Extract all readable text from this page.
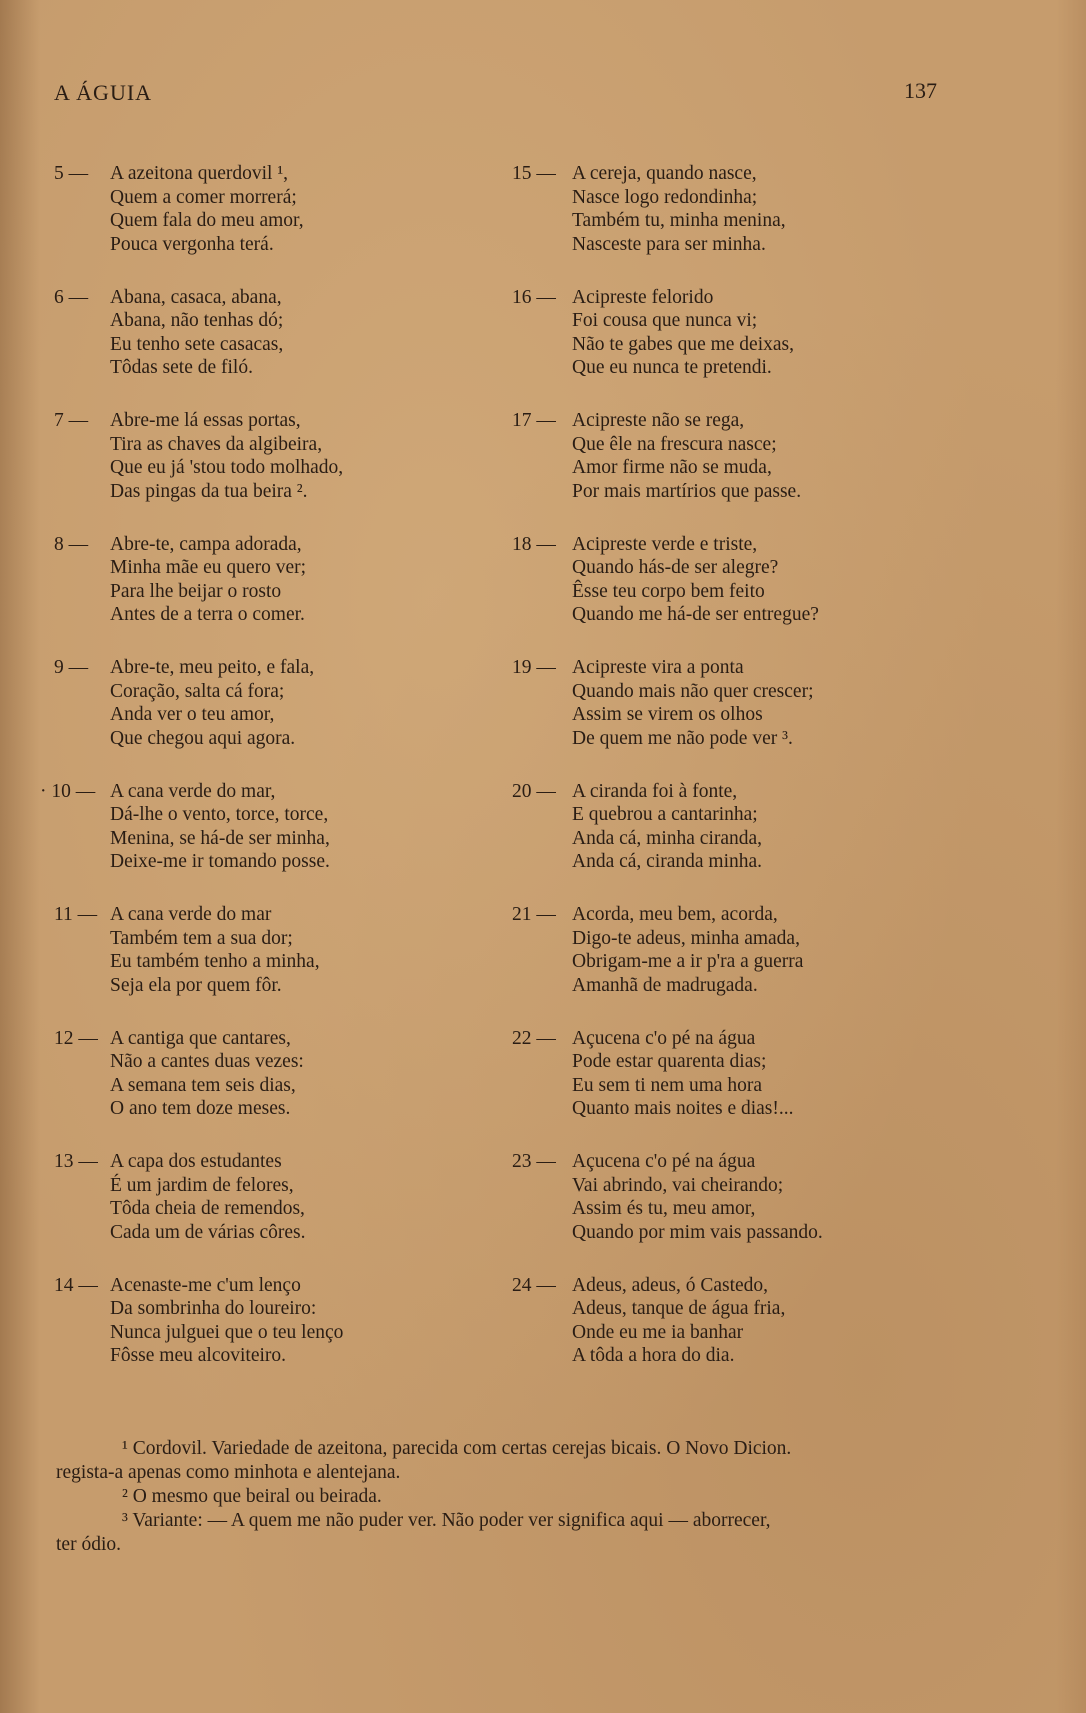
A ÁGUIA	137
5 — A azeitona querdovil ¹,
Quem a comer morrerá;
Quem fala do meu amor,
Pouca vergonha terá.
6 — Abana, casaca, abana,
Abana, não tenhas dó;
Eu tenho sete casacas,
Tôdas sete de filó.
7 — Abre-me lá essas portas,
Tira as chaves da algibeira,
Que eu já 'stou todo molhado,
Das pingas da tua beira ².
8 — Abre-te, campa adorada,
Minha mãe eu quero ver;
Para lhe beijar o rosto
Antes de a terra o comer.
9 — Abre-te, meu peito, e fala,
Coração, salta cá fora;
Anda ver o teu amor,
Que chegou aqui agora.
· 10 — A cana verde do mar,
Dá-lhe o vento, torce, torce,
Menina, se há-de ser minha,
Deixe-me ir tomando posse.
11 — A cana verde do mar
Também tem a sua dor;
Eu também tenho a minha,
Seja ela por quem fôr.
12 — A cantiga que cantares,
Não a cantes duas vezes:
A semana tem seis dias,
O ano tem doze meses.
13 — A capa dos estudantes
É um jardim de felores,
Tôda cheia de remendos,
Cada um de várias côres.
14 — Acenaste-me c'um lenço
Da sombrinha do loureiro:
Nunca julguei que o teu lenço
Fôsse meu alcoviteiro.
15 — A cereja, quando nasce,
Nasce logo redondinha;
Também tu, minha menina,
Nasceste para ser minha.
16 — Acipreste felorido
Foi cousa que nunca vi;
Não te gabes que me deixas,
Que eu nunca te pretendi.
17 — Acipreste não se rega,
Que êle na frescura nasce;
Amor firme não se muda,
Por mais martírios que passe.
18 — Acipreste verde e triste,
Quando hás-de ser alegre?
Êsse teu corpo bem feito
Quando me há-de ser entregue?
19 — Acipreste vira a ponta
Quando mais não quer crescer;
Assim se virem os olhos
De quem me não pode ver ³.
20 — A ciranda foi à fonte,
E quebrou a cantarinha;
Anda cá, minha ciranda,
Anda cá, ciranda minha.
21 — Acorda, meu bem, acorda,
Digo-te adeus, minha amada,
Obrigam-me a ir p'ra a guerra
Amanhã de madrugada.
22 — Açucena c'o pé na água
Pode estar quarenta dias;
Eu sem ti nem uma hora
Quanto mais noites e dias!...
23 — Açucena c'o pé na água
Vai abrindo, vai cheirando;
Assim és tu, meu amor,
Quando por mim vais passando.
24 — Adeus, adeus, ó Castedo,
Adeus, tanque de água fria,
Onde eu me ia banhar
A tôda a hora do dia.
¹ Cordovil. Variedade de azeitona, parecida com certas cerejas bicais. O Novo Dicion.
regista-a apenas como minhota e alentejana.
² O mesmo que beiral ou beirada.
³ Variante: — A quem me não puder ver. Não poder ver significa aqui — aborrecer,
ter ódio.
